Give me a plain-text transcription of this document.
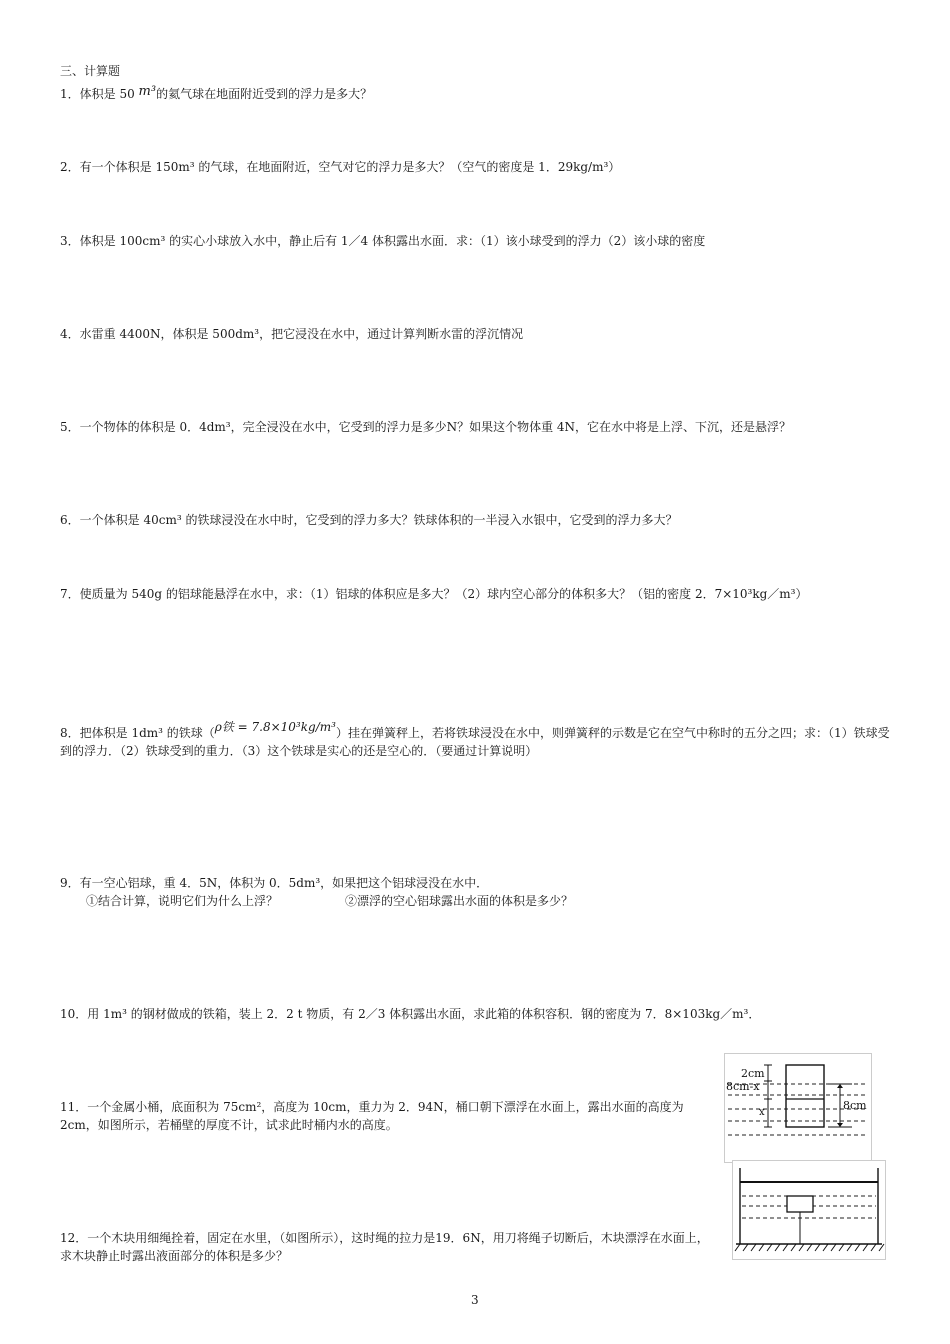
三、计算题
1．体积是 50 m³的氦气球在地面附近受到的浮力是多大？
2．有一个体积是 150m³ 的气球，在地面附近，空气对它的浮力是多大？（空气的密度是 1．29kg/m³）
3．体积是 100cm³ 的实心小球放入水中，静止后有 1／4 体积露出水面．求：（1）该小球受到的浮力（2）该小球的密度
4．水雷重 4400N，体积是 500dm³，把它浸没在水中，通过计算判断水雷的浮沉情况
5．一个物体的体积是 0．4dm³，完全浸没在水中，它受到的浮力是多少N？如果这个物体重 4N，它在水中将是上浮、下沉，还是悬浮？
6．一个体积是 40cm³ 的铁球浸没在水中时，它受到的浮力多大？铁球体积的一半浸入水银中，它受到的浮力多大？
7．使质量为 540g 的铝球能悬浮在水中，求：（1）铝球的体积应是多大？（2）球内空心部分的体积多大？（铝的密度 2．7×10³kg／m³）
8．把体积是 1dm³ 的铁球（ρ铁 = 7.8×10³kg/m³）挂在弹簧秤上，若将铁球浸没在水中，则弹簧秤的示数是它在空气中称时的五分之四；求：（1）铁球受到的浮力．（2）铁球受到的重力．（3）这个铁球是实心的还是空心的．（要通过计算说明）
9．有一空心铝球，重 4．5N，体积为 0．5dm³，如果把这个铝球浸没在水中．
①结合计算，说明它们为什么上浮？	②漂浮的空心铝球露出水面的体积是多少？
10．用 1m³ 的钢材做成的铁箱，装上 2．2 t 物质，有 2／3 体积露出水面，求此箱的体积容积．钢的密度为 7．8×103kg／m³．
11．一个金属小桶，底面积为 75cm²，高度为 10cm，重力为 2．94N，桶口朝下漂浮在水面上，露出水面的高度为 2cm，如图所示，若桶壁的厚度不计，试求此时桶内水的高度。
12．一个木块用细绳拴着，固定在水里，（如图所示），这时绳的拉力是19．6N，用刀将绳子切断后，木块漂浮在水面上，求木块静止时露出液面部分的体积是多少？
2cm
8cm-x
x
8cm
3
